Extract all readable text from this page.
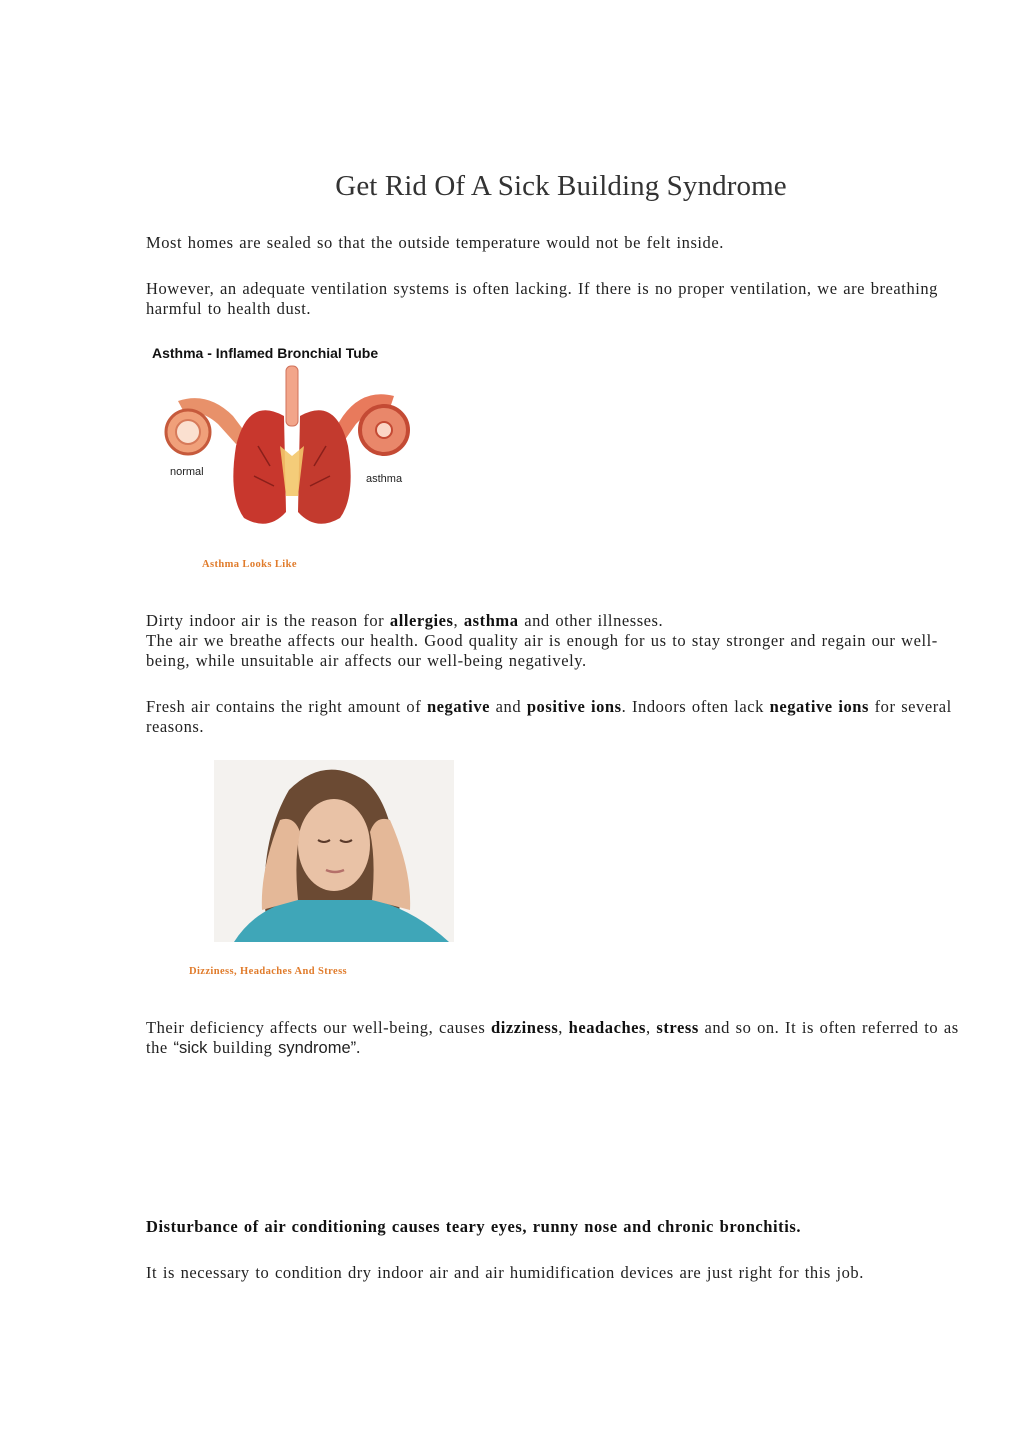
Get Rid Of A Sick Building Syndrome

Most homes are sealed so that the outside temperature would not be felt inside.

However, an adequate ventilation systems is often lacking. If there is no proper ventilation, we are breathing harmful to health dust.

Asthma - Inflamed Bronchial Tube
normal
asthma

Asthma Looks Like

Dirty indoor air is the reason for allergies, asthma and other illnesses.
The air we breathe affects our health. Good quality air is enough for us to stay stronger and regain our well-being, while unsuitable air affects our well-being negatively.

Fresh air contains the right amount of negative and positive ions. Indoors often lack negative ions for several reasons.

Dizziness, Headaches And Stress

Their deficiency affects our well-being, causes dizziness, headaches, stress and so on. It is often referred to as the “sick building syndrome”.

Disturbance of air conditioning causes teary eyes, runny nose and chronic bronchitis.

It is necessary to condition dry indoor air and air humidification devices are just right for this job.
